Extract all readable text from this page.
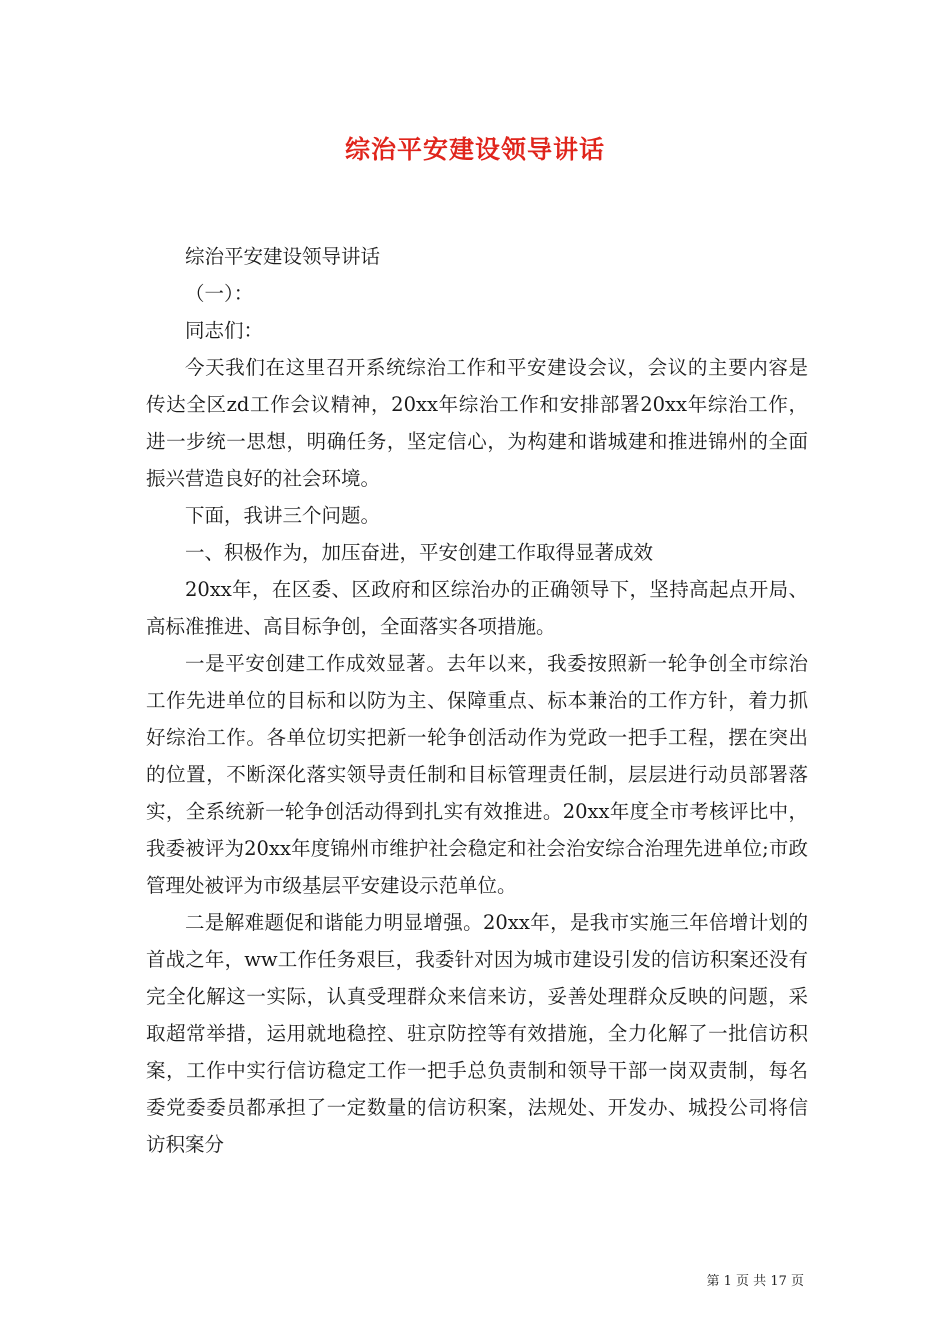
综治平安建设领导讲话

综治平安建设领导讲话

（一）：

同志们：

今天我们在这里召开系统综治工作和平安建设会议，会议的主要内容是传达全区zd工作会议精神，20xx年综治工作和安排部署20xx年综治工作，进一步统一思想，明确任务，坚定信心，为构建和谐城建和推进锦州的全面振兴营造良好的社会环境。

下面，我讲三个问题。

一、积极作为，加压奋进，平安创建工作取得显著成效

20xx年，在区委、区政府和区综治办的正确领导下，坚持高起点开局、高标准推进、高目标争创，全面落实各项措施。

一是平安创建工作成效显著。去年以来，我委按照新一轮争创全市综治工作先进单位的目标和以防为主、保障重点、标本兼治的工作方针，着力抓好综治工作。各单位切实把新一轮争创活动作为党政一把手工程，摆在突出的位置，不断深化落实领导责任制和目标管理责任制，层层进行动员部署落实，全系统新一轮争创活动得到扎实有效推进。20xx年度全市考核评比中，我委被评为20xx年度锦州市维护社会稳定和社会治安综合治理先进单位;市政管理处被评为市级基层平安建设示范单位。

二是解难题促和谐能力明显增强。20xx年，是我市实施三年倍增计划的首战之年，ww工作任务艰巨，我委针对因为城市建设引发的信访积案还没有完全化解这一实际，认真受理群众来信来访，妥善处理群众反映的问题，采取超常举措，运用就地稳控、驻京防控等有效措施，全力化解了一批信访积案，工作中实行信访稳定工作一把手总负责制和领导干部一岗双责制，每名委党委委员都承担了一定数量的信访积案，法规处、开发办、城投公司将信访积案分

第 1 页 共 17 页
